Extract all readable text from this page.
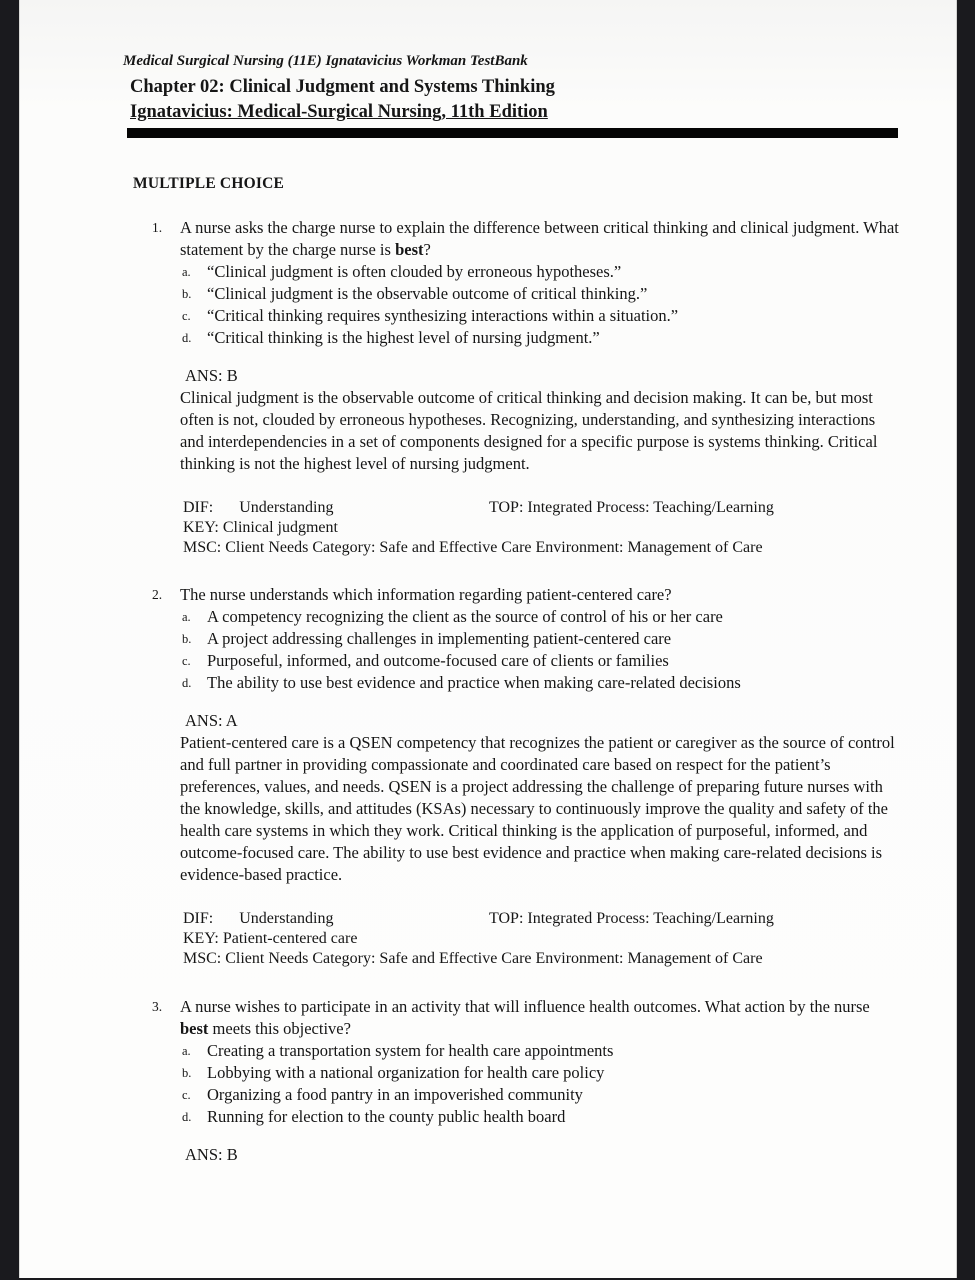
Medical Surgical Nursing (11E) Ignatavicius Workman TestBank
Chapter 02: Clinical Judgment and Systems Thinking
Ignatavicius: Medical-Surgical Nursing, 11th Edition
MULTIPLE CHOICE
1. A nurse asks the charge nurse to explain the difference between critical thinking and clinical judgment. What statement by the charge nurse is best?
a. “Clinical judgment is often clouded by erroneous hypotheses.”
b. “Clinical judgment is the observable outcome of critical thinking.”
c. “Critical thinking requires synthesizing interactions within a situation.”
d. “Critical thinking is the highest level of nursing judgment.”
ANS: B
Clinical judgment is the observable outcome of critical thinking and decision making. It can be, but most often is not, clouded by erroneous hypotheses. Recognizing, understanding, and synthesizing interactions and interdependencies in a set of components designed for a specific purpose is systems thinking. Critical thinking is not the highest level of nursing judgment.
DIF: Understanding	TOP: Integrated Process: Teaching/Learning
KEY: Clinical judgment
MSC: Client Needs Category: Safe and Effective Care Environment: Management of Care
2. The nurse understands which information regarding patient-centered care?
a. A competency recognizing the client as the source of control of his or her care
b. A project addressing challenges in implementing patient-centered care
c. Purposeful, informed, and outcome-focused care of clients or families
d. The ability to use best evidence and practice when making care-related decisions
ANS: A
Patient-centered care is a QSEN competency that recognizes the patient or caregiver as the source of control and full partner in providing compassionate and coordinated care based on respect for the patient’s preferences, values, and needs. QSEN is a project addressing the challenge of preparing future nurses with the knowledge, skills, and attitudes (KSAs) necessary to continuously improve the quality and safety of the health care systems in which they work. Critical thinking is the application of purposeful, informed, and outcome-focused care. The ability to use best evidence and practice when making care-related decisions is evidence-based practice.
DIF: Understanding	TOP: Integrated Process: Teaching/Learning
KEY: Patient-centered care
MSC: Client Needs Category: Safe and Effective Care Environment: Management of Care
3. A nurse wishes to participate in an activity that will influence health outcomes. What action by the nurse best meets this objective?
a. Creating a transportation system for health care appointments
b. Lobbying with a national organization for health care policy
c. Organizing a food pantry in an impoverished community
d. Running for election to the county public health board
ANS: B
